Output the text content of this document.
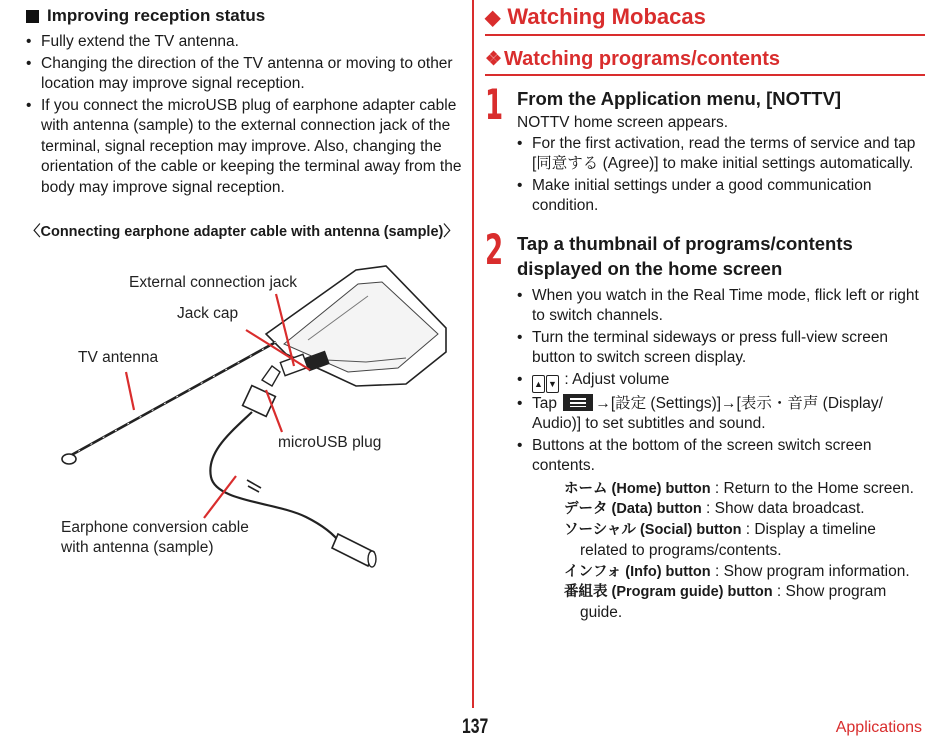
Improving reception status
• Fully extend the TV antenna.
• Changing the direction of the TV antenna or moving to other location may improve signal reception.
• If you connect the microUSB plug of earphone adapter cable with antenna (sample) to the external connection jack of the terminal, signal reception may improve. Also, changing the orientation of the cable or keeping the terminal away from the body may improve signal reception.
〈Connecting earphone adapter cable with antenna (sample)〉
External connection jack
Jack cap
TV antenna
microUSB plug
Earphone conversion cable
with antenna (sample)
◆ Watching Mobacas
❖ Watching programs/contents
1 From the Application menu, [NOTTV]
NOTTV home screen appears.
• For the first activation, read the terms of service and tap [同意する (Agree)] to make initial settings automatically.
• Make initial settings under a good communication condition.
2 Tap a thumbnail of programs/contents displayed on the home screen
• When you watch in the Real Time mode, flick left or right to switch channels.
• Turn the terminal sideways or press full-view screen button to switch screen display.
• ▲ ▼ : Adjust volume
• Tap →[設定 (Settings)]→[表示・音声 (Display/ Audio)] to set subtitles and sound.
• Buttons at the bottom of the screen switch screen contents.
ホーム (Home) button : Return to the Home screen.
データ (Data) button : Show data broadcast.
ソーシャル (Social) button : Display a timeline related to programs/contents.
インフォ (Info) button : Show program information.
番組表 (Program guide) button : Show program guide.
137	Applications
